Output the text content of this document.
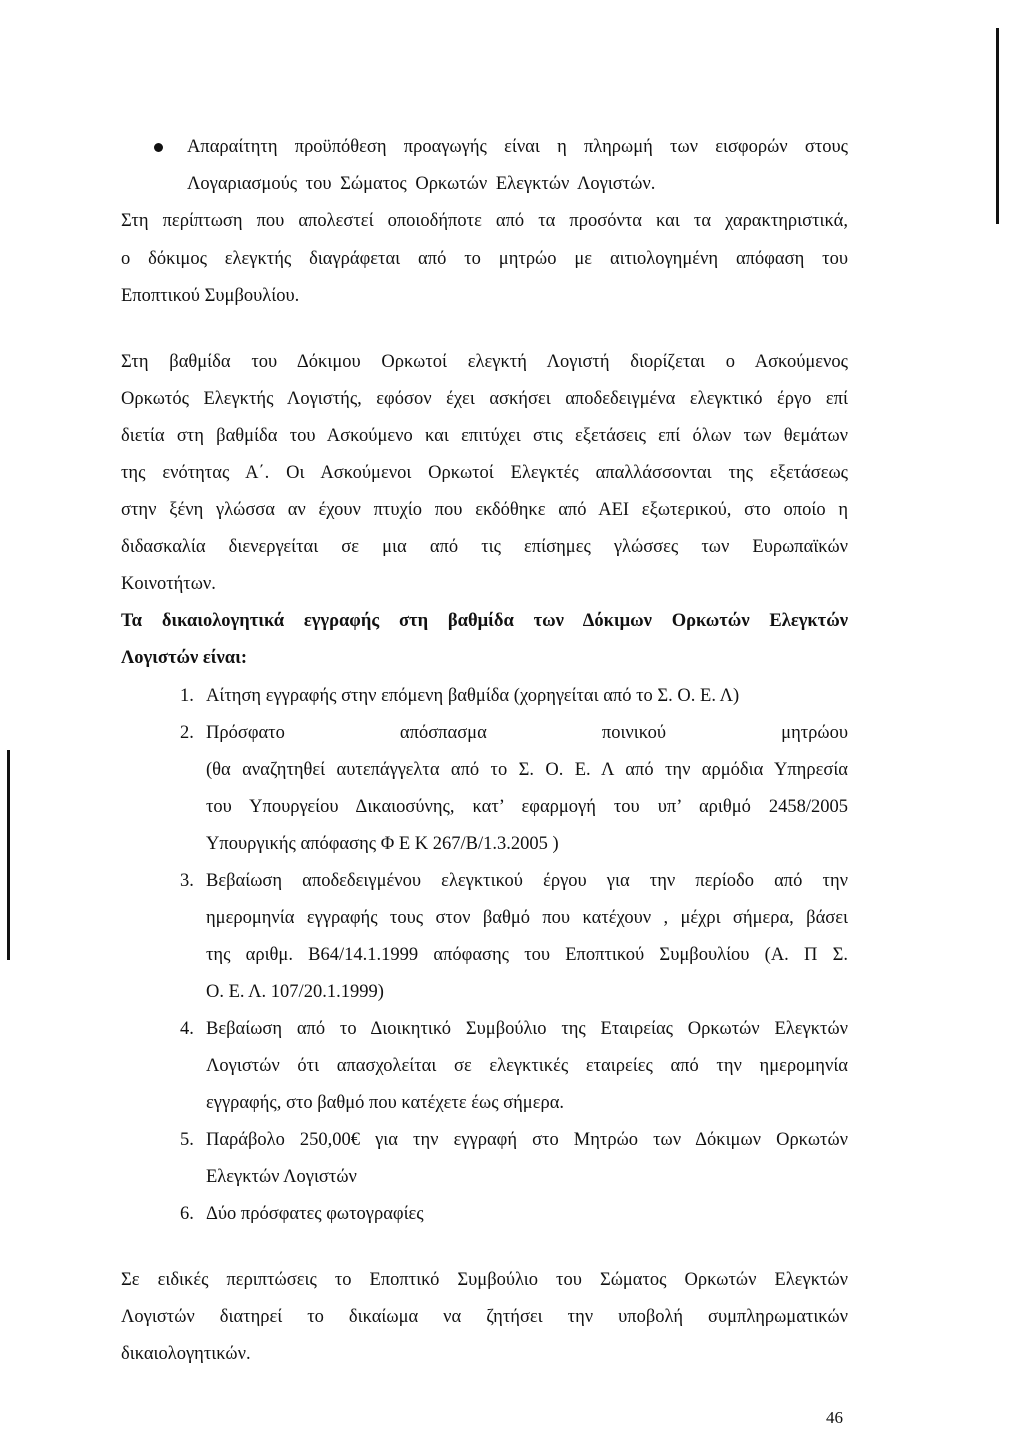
Απαραίτητη προϋπόθεση προαγωγής είναι η πληρωμή των εισφορών στους
Λογαριασμούς του Σώματος Ορκωτών Ελεγκτών Λογιστών.
Στη περίπτωση που απολεστεί οποιοδήποτε από τα προσόντα και τα χαρακτηριστικά,
ο δόκιμος ελεγκτής διαγράφεται από το μητρώο με αιτιολογημένη απόφαση του
Εποπτικού Συμβουλίου.
Στη βαθμίδα του Δόκιμου Ορκωτοί ελεγκτή Λογιστή διορίζεται ο Ασκούμενος
Ορκωτός Ελεγκτής Λογιστής, εφόσον έχει ασκήσει αποδεδειγμένα ελεγκτικό έργο επί
διετία στη βαθμίδα του Ασκούμενο και επιτύχει στις εξετάσεις επί όλων των θεμάτων
της ενότητας Α΄. Οι Ασκούμενοι Ορκωτοί Ελεγκτές απαλλάσσονται της εξετάσεως
στην ξένη γλώσσα αν έχουν πτυχίο που εκδόθηκε από ΑΕΙ εξωτερικού, στο οποίο η
διδασκαλία διενεργείται σε μια από τις επίσημες γλώσσες των Ευρωπαϊκών
Κοινοτήτων.
Τα δικαιολογητικά εγγραφής στη βαθμίδα των Δόκιμων Ορκωτών Ελεγκτών
Λογιστών είναι:
1. Αίτηση εγγραφής στην επόμενη βαθμίδα (χορηγείται από το Σ. Ο. Ε. Λ)
2. Πρόσφατο απόσπασμα ποινικού μητρώου
(θα αναζητηθεί αυτεπάγγελτα από το Σ. Ο. Ε. Λ από την αρμόδια Υπηρεσία
του Υπουργείου Δικαιοσύνης, κατ’ εφαρμογή του υπ’ αριθμό 2458/2005
Υπουργικής απόφασης Φ Ε Κ 267/Β/1.3.2005 )
3. Βεβαίωση αποδεδειγμένου ελεγκτικού έργου για την περίοδο από την
ημερομηνία εγγραφής τους στον βαθμό που κατέχουν , μέχρι σήμερα, βάσει
της αριθμ. Β64/14.1.1999 απόφασης του Εποπτικού Συμβουλίου (Α. Π Σ.
Ο. Ε. Λ. 107/20.1.1999)
4. Βεβαίωση από το Διοικητικό Συμβούλιο της Εταιρείας Ορκωτών Ελεγκτών
Λογιστών ότι απασχολείται σε ελεγκτικές εταιρείες από την ημερομηνία
εγγραφής, στο βαθμό που κατέχετε έως σήμερα.
5. Παράβολο 250,00€ για την εγγραφή στο Μητρώο των Δόκιμων Ορκωτών
Ελεγκτών Λογιστών
6. Δύο πρόσφατες φωτογραφίες
Σε ειδικές περιπτώσεις το Εποπτικό Συμβούλιο του Σώματος Ορκωτών Ελεγκτών
Λογιστών διατηρεί το δικαίωμα να ζητήσει την υποβολή συμπληρωματικών
δικαιολογητικών.
46
